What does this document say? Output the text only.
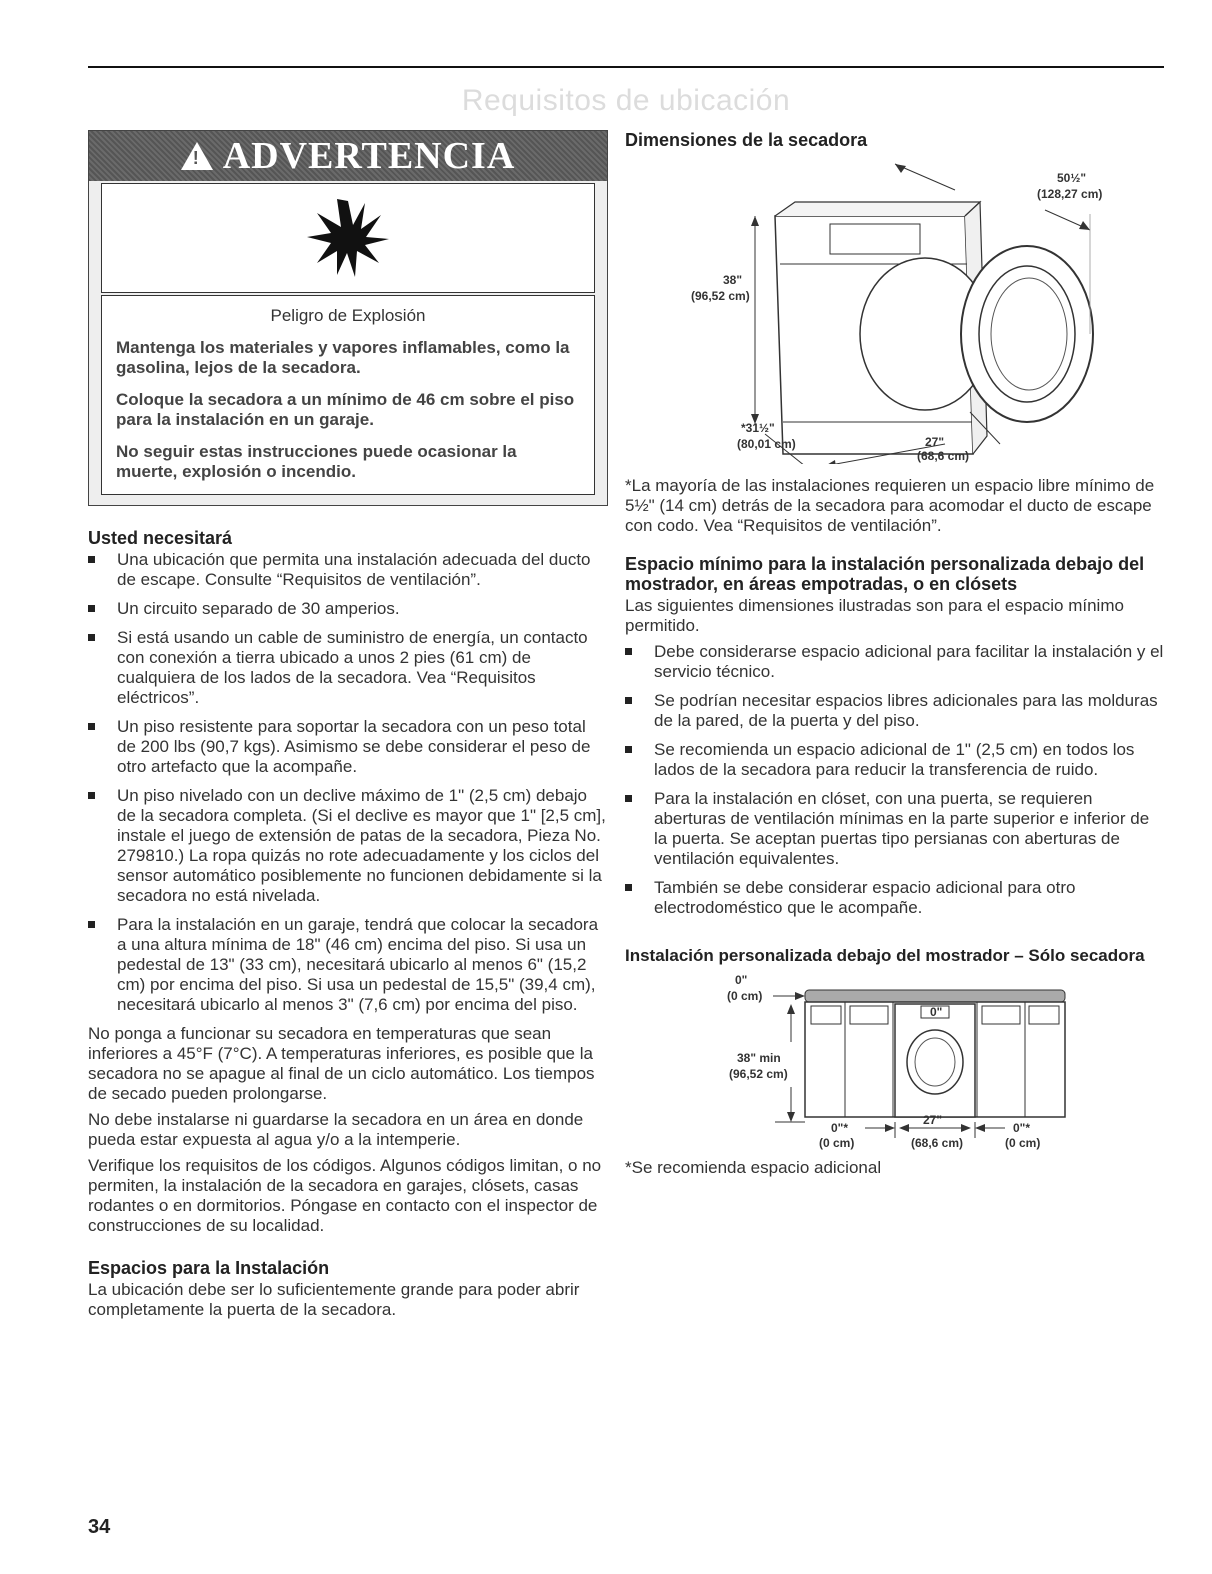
Requisitos de ubicación
!
ADVERTENCIA
Peligro de Explosión
Mantenga los materiales y vapores inflamables, como la gasolina, lejos de la secadora.
Coloque la secadora a un mínimo de 46 cm sobre el piso para la instalación en un garaje.
No seguir estas instrucciones puede ocasionar la muerte, explosión o incendio.
Usted necesitará
Una ubicación que permita una instalación adecuada del ducto de escape. Consulte “Requisitos de ventilación”.
Un circuito separado de 30 amperios.
Si está usando un cable de suministro de energía, un contacto con conexión a tierra ubicado a unos 2 pies (61 cm) de cualquiera de los lados de la secadora. Vea “Requisitos eléctricos”.
Un piso resistente para soportar la secadora con un peso total de 200 lbs (90,7 kgs). Asimismo se debe considerar el peso de otro artefacto que la acompañe.
Un piso nivelado con un declive máximo de 1" (2,5 cm) debajo de la secadora completa. (Si el declive es mayor que 1" [2,5 cm], instale el juego de extensión de patas de la secadora, Pieza No. 279810.) La ropa quizás no rote adecuadamente y los ciclos del sensor automático posiblemente no funcionen debidamente si la secadora no está nivelada.
Para la instalación en un garaje, tendrá que colocar la secadora a una altura mínima de 18" (46 cm) encima del piso. Si usa un pedestal de 13" (33 cm), necesitará ubicarlo al menos 6" (15,2 cm) por encima del piso. Si usa un pedestal de 15,5" (39,4 cm), necesitará ubicarlo al menos 3" (7,6 cm) por encima del piso.

No ponga a funcionar su secadora en temperaturas que sean inferiores a 45°F (7°C). A temperaturas inferiores, es posible que la secadora no se apague al final de un ciclo automático. Los tiempos de secado pueden prolongarse.

No debe instalarse ni guardarse la secadora en un área en donde pueda estar expuesta al agua y/o a la intemperie.

Verifique los requisitos de los códigos. Algunos códigos limitan, o no permiten, la instalación de la secadora en garajes, clósets, casas rodantes o en dormitorios. Póngase en contacto con el inspector de construcciones de su localidad.

Espacios para la Instalación

La ubicación debe ser lo suficientemente grande para poder abrir completamente la puerta de la secadora.

Dimensiones de la secadora
50½"
(128,27 cm)
38"
(96,52 cm)
*31½"
(80,01 cm)	27"
(68,6 cm)

*La mayoría de las instalaciones requieren un espacio libre mínimo de 5½" (14 cm) detrás de la secadora para acomodar el ducto de escape con codo. Vea “Requisitos de ventilación”.

Espacio mínimo para la instalación personalizada debajo del mostrador, en áreas empotradas, o en clósets

Las siguientes dimensiones ilustradas son para el espacio mínimo permitido.

Debe considerarse espacio adicional para facilitar la instalación y el servicio técnico.
Se podrían necesitar espacios libres adicionales para las molduras de la pared, de la puerta y del piso.
Se recomienda un espacio adicional de 1" (2,5 cm) en todos los lados de la secadora para reducir la transferencia de ruido.
Para la instalación en clóset, con una puerta, se requieren aberturas de ventilación mínimas en la parte superior e inferior de la puerta. Se aceptan puertas tipo persianas con aberturas de ventilación equivalentes.
También se debe considerar espacio adicional para otro electrodoméstico que le acompañe.
Instalación personalizada debajo del mostrador – Sólo secadora
0"
0"
(0 cm)
38" min
(96,52 cm)
0"*
(0 cm)
27"
(68,6 cm)
0"*
(0 cm)

*Se recomienda espacio adicional

34
